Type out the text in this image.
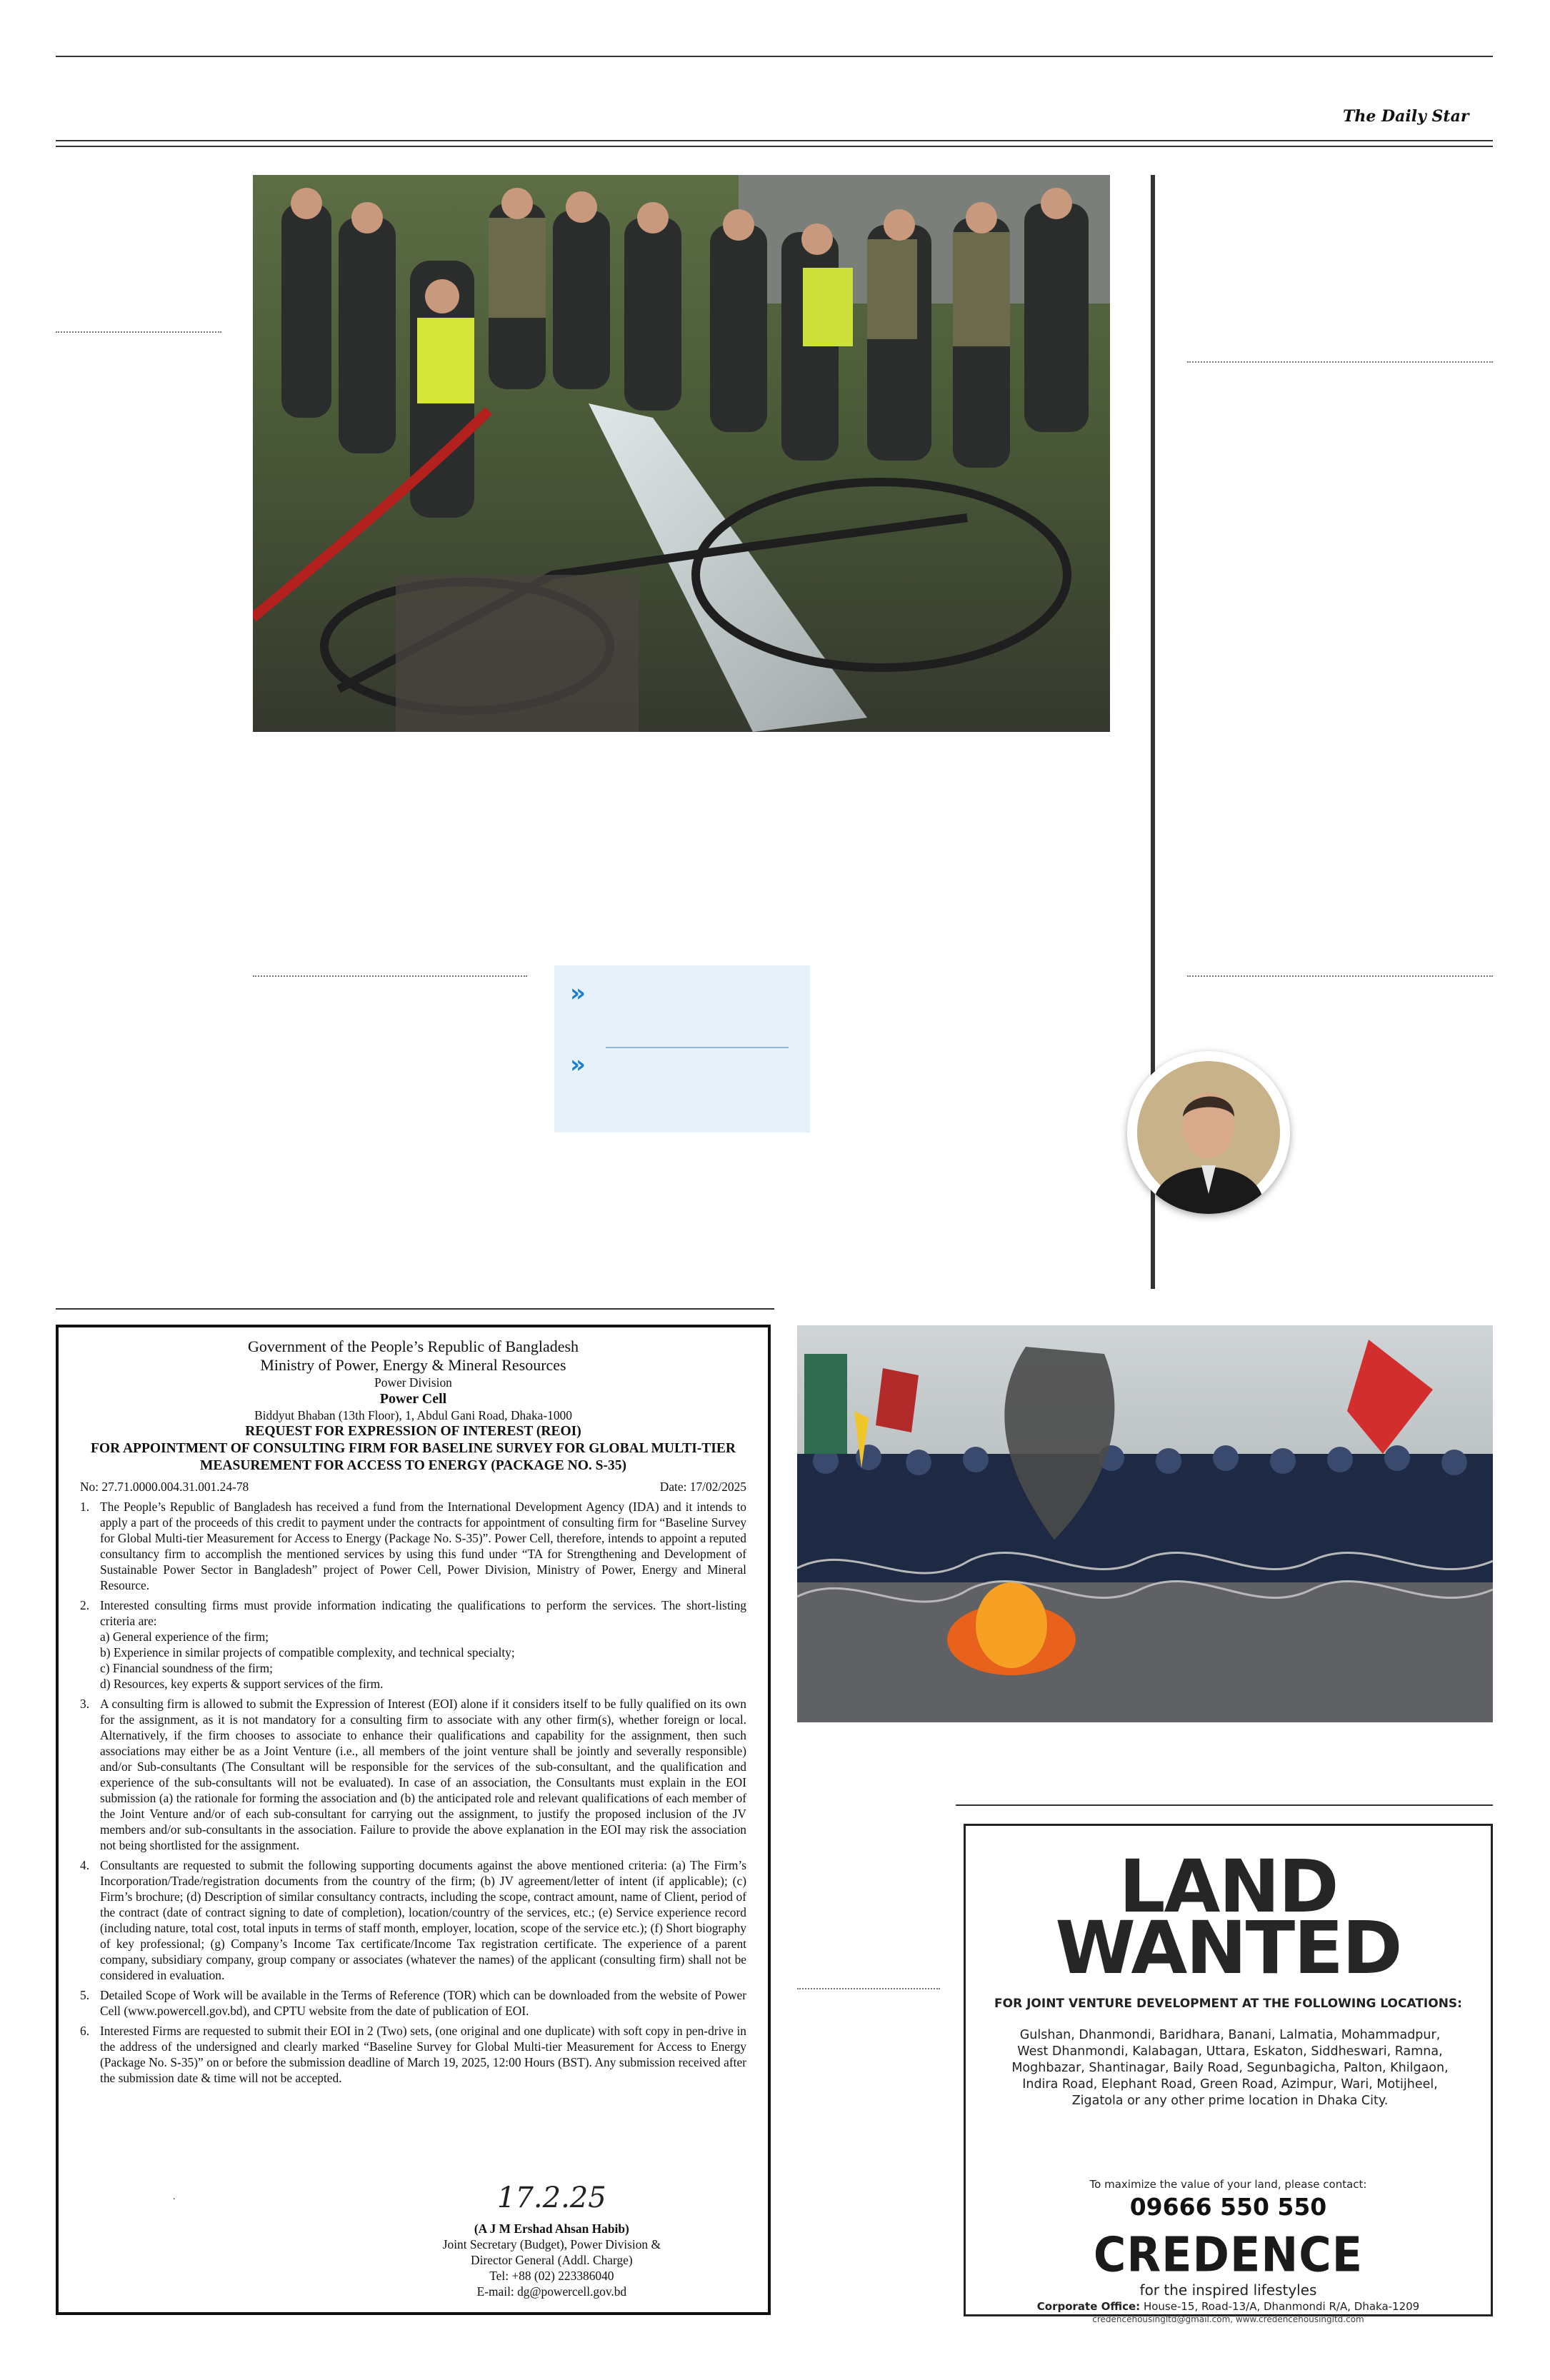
The Daily Star
»
»
Government of the People’s Republic of Bangladesh
Ministry of Power, Energy & Mineral Resources
Power Division
Power Cell
Biddyut Bhaban (13th Floor), 1, Abdul Gani Road, Dhaka-1000
REQUEST FOR EXPRESSION OF INTEREST (REOI)
FOR APPOINTMENT OF CONSULTING FIRM FOR BASELINE SURVEY FOR GLOBAL MULTI-TIER
MEASUREMENT FOR ACCESS TO ENERGY (PACKAGE NO. S-35)
No: 27.71.0000.004.31.001.24-78	Date: 17/02/2025
1. The People’s Republic of Bangladesh has received a fund from the International Development Agency (IDA) and it intends to apply a part of the proceeds of this credit to payment under the contracts for appointment of consulting firm for “Baseline Survey for Global Multi-tier Measurement for Access to Energy (Package No. S-35)”. Power Cell, therefore, intends to appoint a reputed consultancy firm to accomplish the mentioned services by using this fund under “TA for Strengthening and Development of Sustainable Power Sector in Bangladesh” project of Power Cell, Power Division, Ministry of Power, Energy and Mineral Resource.
2. Interested consulting firms must provide information indicating the qualifications to perform the services. The short-listing criteria are:
a) General experience of the firm;
b) Experience in similar projects of compatible complexity, and technical specialty;
c) Financial soundness of the firm;
d) Resources, key experts & support services of the firm.
3. A consulting firm is allowed to submit the Expression of Interest (EOI) alone if it considers itself to be fully qualified on its own for the assignment, as it is not mandatory for a consulting firm to associate with any other firm(s), whether foreign or local. Alternatively, if the firm chooses to associate to enhance their qualifications and capability for the assignment, then such associations may either be as a Joint Venture (i.e., all members of the joint venture shall be jointly and severally responsible) and/or Sub-consultants (The Consultant will be responsible for the services of the sub-consultant, and the qualification and experience of the sub-consultants will not be evaluated). In case of an association, the Consultants must explain in the EOI submission (a) the rationale for forming the association and (b) the anticipated role and relevant qualifications of each member of the Joint Venture and/or of each sub-consultant for carrying out the assignment, to justify the proposed inclusion of the JV members and/or sub-consultants in the association. Failure to provide the above explanation in the EOI may risk the association not being shortlisted for the assignment.
4. Consultants are requested to submit the following supporting documents against the above mentioned criteria: (a) The Firm’s Incorporation/Trade/registration documents from the country of the firm; (b) JV agreement/letter of intent (if applicable); (c) Firm’s brochure; (d) Description of similar consultancy contracts, including the scope, contract amount, name of Client, period of the contract (date of contract signing to date of completion), location/country of the services, etc.; (e) Service experience record (including nature, total cost, total inputs in terms of staff month, employer, location, scope of the service etc.); (f) Short biography of key professional; (g) Company’s Income Tax certificate/Income Tax registration certificate. The experience of a parent company, subsidiary company, group company or associates (whatever the names) of the applicant (consulting firm) shall not be considered in evaluation.
5. Detailed Scope of Work will be available in the Terms of Reference (TOR) which can be downloaded from the website of Power Cell (www.powercell.gov.bd), and CPTU website from the date of publication of EOI.
6. Interested Firms are requested to submit their EOI in 2 (Two) sets, (one original and one duplicate) with soft copy in pen-drive in the address of the undersigned and clearly marked “Baseline Survey for Global Multi-tier Measurement for Access to Energy (Package No. S-35)” on or before the submission deadline of March 19, 2025, 12:00 Hours (BST). Any submission received after the submission date & time will not be accepted.
.	17.2.25
(A J M Ershad Ahsan Habib)
Joint Secretary (Budget), Power Division &
Director General (Addl. Charge)
Tel: +88 (02) 223386040
E-mail: dg@powercell.gov.bd
LAND
WANTED
FOR JOINT VENTURE DEVELOPMENT AT THE FOLLOWING LOCATIONS:
Gulshan, Dhanmondi, Baridhara, Banani, Lalmatia, Mohammadpur, West Dhanmondi, Kalabagan, Uttara, Eskaton, Siddheswari, Ramna, Moghbazar, Shantinagar, Baily Road, Segunbagicha, Palton, Khilgaon, Indira Road, Elephant Road, Green Road, Azimpur, Wari, Motijheel, Zigatola or any other prime location in Dhaka City.
To maximize the value of your land, please contact:
09666 550 550
CREDENCE
for the inspired lifestyles
Corporate Office: House-15, Road-13/A, Dhanmondi R/A, Dhaka-1209
credencehousingltd@gmail.com, www.credencehousingltd.com
